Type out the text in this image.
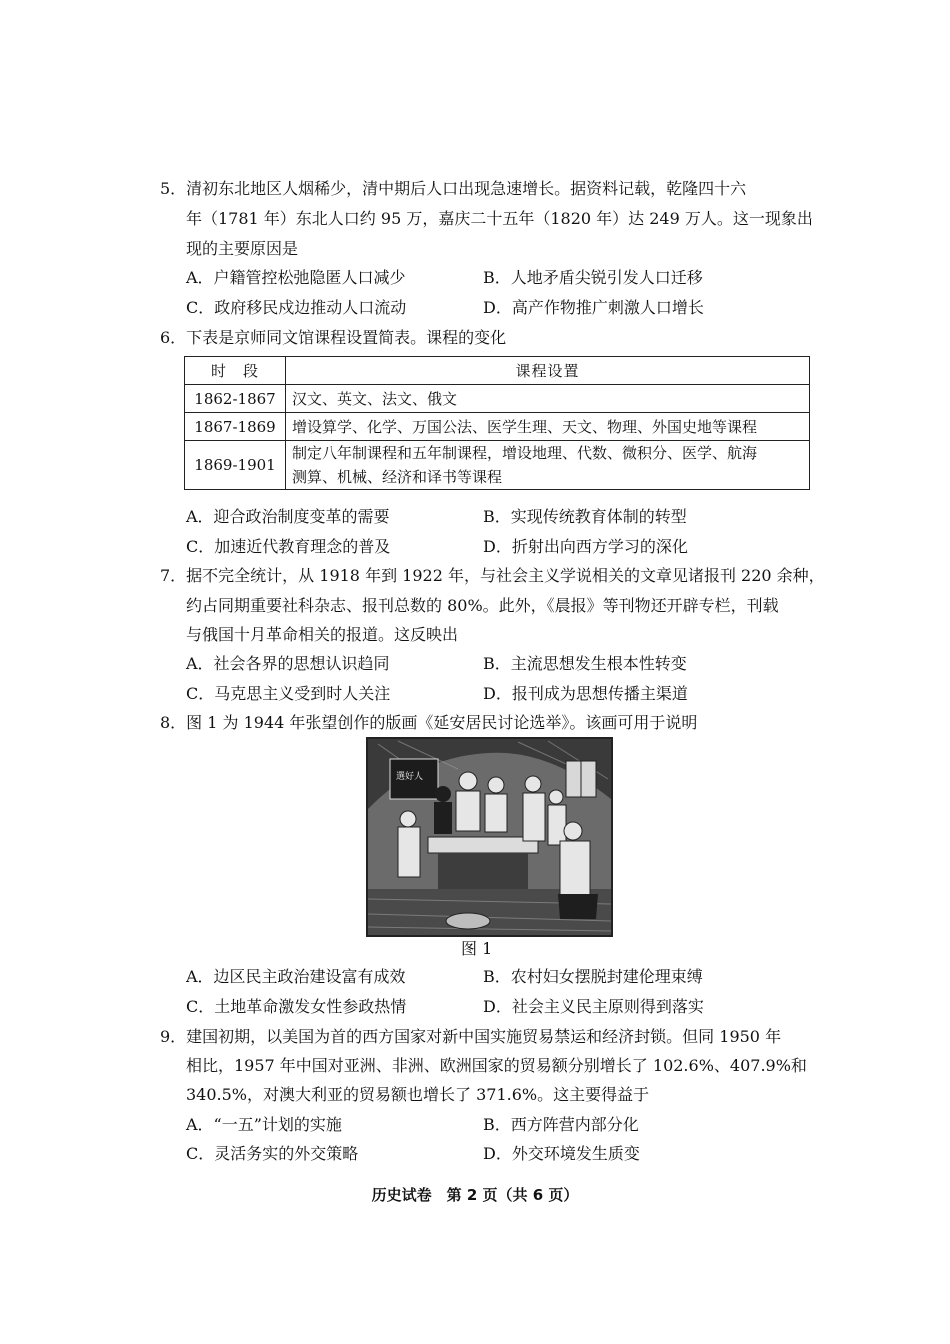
5．清初东北地区人烟稀少，清中期后人口出现急速增长。据资料记载，乾隆四十六
年（1781 年）东北人口约 95 万，嘉庆二十五年（1820 年）达 249 万人。这一现象出
现的主要原因是
A．户籍管控松弛隐匿人口减少	B．人地矛盾尖锐引发人口迁移
C．政府移民戍边推动人口流动	D．高产作物推广刺激人口增长
6．下表是京师同文馆课程设置简表。课程的变化
时　段	课程设置
1862-1867	汉文、英文、法文、俄文
1867-1869	增设算学、化学、万国公法、医学生理、天文、物理、外国史地等课程
1869-1901	制定八年制课程和五年制课程，增设地理、代数、微积分、医学、航海
测算、机械、经济和译书等课程
A．迎合政治制度变革的需要	B．实现传统教育体制的转型
C．加速近代教育理念的普及	D．折射出向西方学习的深化
7．据不完全统计，从 1918 年到 1922 年，与社会主义学说相关的文章见诸报刊 220 余种，
约占同期重要社科杂志、报刊总数的 80%。此外，《晨报》等刊物还开辟专栏，刊载
与俄国十月革命相关的报道。这反映出
A．社会各界的思想认识趋同	B．主流思想发生根本性转变
C．马克思主义受到时人关注	D．报刊成为思想传播主渠道
8．图 1 为 1944 年张望创作的版画《延安居民讨论选举》。该画可用于说明
選好人
图 1
A．边区民主政治建设富有成效	B．农村妇女摆脱封建伦理束缚
C．土地革命激发女性参政热情	D．社会主义民主原则得到落实
9．建国初期，以美国为首的西方国家对新中国实施贸易禁运和经济封锁。但同 1950 年
相比，1957 年中国对亚洲、非洲、欧洲国家的贸易额分别增长了 102.6%、407.9%和
340.5%，对澳大利亚的贸易额也增长了 371.6%。这主要得益于
A．“一五”计划的实施	B．西方阵营内部分化
C．灵活务实的外交策略	D．外交环境发生质变
历史试卷　第 2 页（共 6 页）
